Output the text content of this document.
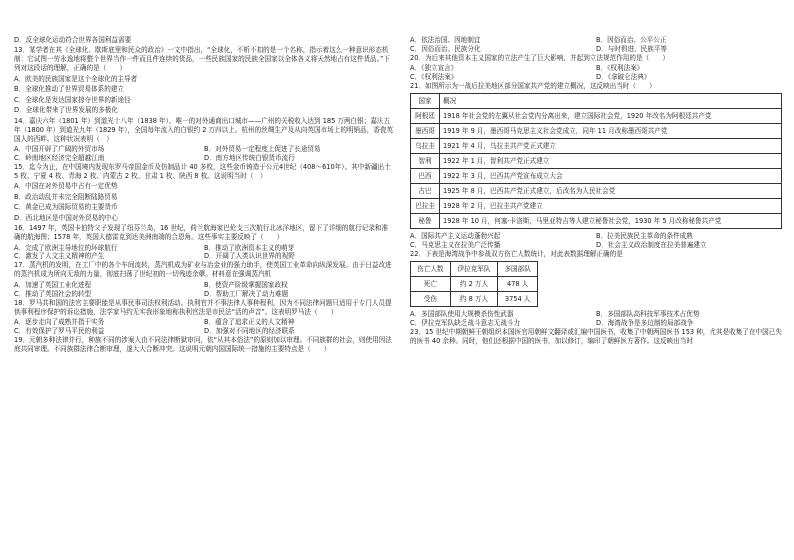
D．反全球化运动符合世界各国利益需要

13．某学者在其《全球化、歇斯底里和民众的政治》一文中指出，“全球化，不析不扣的是一个名称，指示着这么一种意识形态机制：它试图一劳永逸地将整个世界当作一件而且件连续的货品，一些民族国家的民族全国家以全体各义将天然地占有这件货品。”下列对这段话的理解，正确的是（　　）

A．欧美的民族国家是这个全球化的主导者

B．全球化推动了世界贸易体系的建立

C．全球化是发达国家掠夺世界的新途径

D．全球化带来了世界发展的多极化

14．嘉庆六年（1801 年）到道光十八年（1838 年），唯一的对外通商出口城市——广州的关税收入达到 185 万两白银；嘉庆五年（1800 年）到道光九年（1829 年），全国每年流入的白银约 2 万四以上。杭州的丝绸生产及从向英国市场上的明销品，香瓷英国人的西畔。这种状况表明（　）

A．中国开辟了广阔的外贸市场	B．对外贸易一定程度上促进了长途贸易
C．岭南地区经济完全超越江南	D．南方地区传统白银货币流行

15．迄今为止，在中国境内发现东罗马帝国金币及仿制品计 40 多枚，这些金币铸造于公元4世纪（408～610年）。其中新疆出土 5 枚、宁夏 4 枚、青海 2 枚、内蒙古 2 枚、甘肃 1 枚、陕西 8 枚。这说明当时（　）

A．中国在对外贸易中占有一定优势

B．政治动乱并未完全阻断陆路贸易

C．黄金已成为国际贸易的主要货币

D．西北地区是中国对外贸易的中心

16．1497 年，英国卡伯特父子发现了纽芬兰岛，16 世纪，荷兰航海家巴伦支三次航行北冰洋地区，留下了详细的航行记录和准确的航海图；1578 年，英国人德雷克到达美洲南端的合恩角。这些事实主要反映了（　　）

A．完成了欧洲主导地位的环球航行	B．推动了欧洲资本主义的萌芽
C．激发了人文主义精神的产生	D．开阔了人类认识世界的视野

17．蒸汽机的发明，在工厂中的各个车间流转，蒸汽机成为矿业与冶金业的强力助手，使英国工业革命向纵深发展。由于日益改进的蒸汽机成为所向无敌的力量，彻底扫荡了世纪初的一切残迹余孽。材料意在强调蒸汽机

A．加速了英国工业化进程	B．使资产阶级掌握国家政权
C．推动了英国社会的转型	D．帮助工厂解决了动力难题

18．罗马共和国的法官主要职能是从事民事司法权利活动。执利官并不事法律人事种程利，因为不同法律问题只适用于专门人员提供事利程序保护的诉讼措施，法学家马约无实我形象地称执利官法是市民法“活的声音”。这表明罗马法（　　）

A．逐步走向了成熟并指干实务	B．蕴含了追求正义的人文精神
C．有效保护了罗马平民的利益	D．加强对不同地区的经济联系

19．元朝多种法律并行，种族不同的涉案人由不同法律断狱审问，依“从其本俗法”的原则加以审理。不同族群的社会，则使用因法庭共同审理。不同族群法律合断审理，遂大大合断冲突。这说明元朝内国国际统一措施的主要特点是（　　）

A．依法治国、因地制宜	B．因俗而治、公平公正
C．因俗而治、民族分化	D．与时俱进、民族平等

20．为后来其他资本主义国家的立法产生了巨大影响，并起到立法规范作用的是（　　）

A．《独立宣言》	B．《权利法案》
C．《权利法案》	D．《拿破仑法典》

21．如图所示为一战后拉美地区部分国家共产党的建立概况，这反映出当时（　　）

国家	概况
阿根廷	1918 年社会党的左翼从社会党内分离出来，建立国际社会党，1920 年改名为阿根廷共产党
墨西哥	1919 年 9 月，墨西哥马克思主义社会党成立，同年 11 月改称墨西哥共产党
乌拉圭	1921 年 4 月，乌拉圭共产党正式建立
智利	1922 年 1 月，智利共产党正式建立
巴西	1922 年 3 月，巴西共产党宣布成立大会
古巴	1925 年 8 月，巴西共产党正式建立，后改名为人民社会党
巴拉圭	1928 年 2 月，巴拉圭共产党建立
秘鲁	1928 年 10 月，何塞·卡洛斯，马里亚特吉等人建立秘鲁社会党，1930 年 5 月改称秘鲁共产党
A．国际共产主义运动蓬勃兴起	B．拉美民族民主革命的条件成熟
C．马克思主义在拉美广泛传播	D．社会主义政治制度在拉美普遍建立

22．下表是海湾战争中参战双方伤亡人数统计，对此表数据理解正确的是

伤亡人数	伊拉克军队	多国部队
死亡	约 2 万人	478 人
受伤	约 8 万人	3754 人
A．多国部队使用大规模杀伤性武器	B．多国部队高科技军事技术占优势
C．伊拉克军队缺乏战斗意志无战斗力	D．海湾战争是多边制的局部战争

23．15 世纪中期朝鲜王朝组织本国医官用朝鲜文翻译或汇编中国医书，收集了中朝两国医书 153 种，尤其是收集了在中国已失的医书 40 余种。同时，他们还根据中国的医书，加以修订，编印了朝鲜医方著作。这反映出当时
